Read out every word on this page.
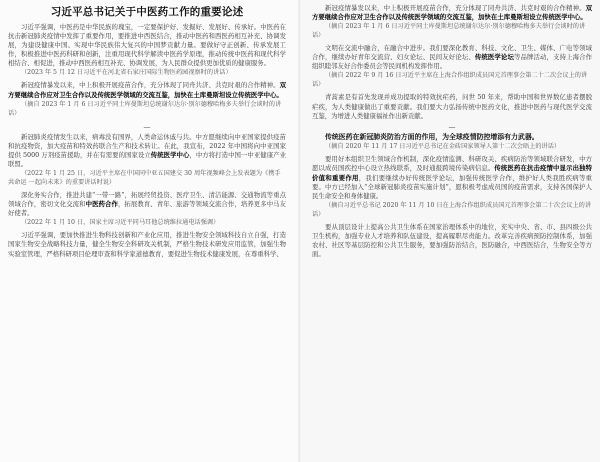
习近平总书记关于中医药工作的重要论述

习近平强调，中医药是中华民族的瑰宝，一定要保护好、发掘好、发展好、传承好。中医药在抗击新冠肺炎疫情中发挥了重要作用，要推进中西医结合，推动中医药和西医药相互补充、协调发展，为建设健康中国、实现中华民族伟大复兴的中国梦贡献力量。要做好守正创新、传承发展工作，积极推进中医药科研和创新，注重用现代科学解读中医药学原理，推动传统中医药和现代科学相结合、相促进，推动中西医药相互补充、协调发展，为人民群众提供更加优质的健康服务。

（2023 年 5 月 12 日习近平在河北省石家庄国际生物医药园视察时的讲话）

新冠疫情暴发以来，中上积极开展疫苗合作，充分体现了同舟共济、共克时艰的合作精神。双方要继续合作应对卫生合作以及传统医学领域的交流互鉴，加快在土库曼斯坦设立传统医学中心。

（摘自 2023 年 1 月 6 日习近平同土库曼斯坦总统谢尔达尔·别尔德穆哈梅多夫举行会谈时的讲话）

—

新冠肺炎疫情发生以来，病毒没有国界，人类命运休戚与共。中方愿继续向中亚国家提供疫苗和抗疫物资，加大疫苗和特效药联合生产和技术转让。在此，我宣布，2022 年中国将向中亚国家提供 5000 万剂疫苗援助，并在有需要的国家设立传统医学中心，中方将打造中国一中亚健康产业联盟。

（2022 年 1 月 25 日，习近平主席在中国同中亚五国建交 30 周年视频峰会上发表题为《携手共命运 一起向未来》的重要讲话时说）

深化务实合作，推进共建“一带一路”，拓展经贸投资、医疗卫生、清洁能源、交通物流等重点领域合作，密切文化交流和中医药合作，拓展教育、青年、旅游等领域交流合作，培养更多中马友好使者。

（2022 年 1 月 10 日，国家主席习近平同马耳他总统维拉通电话强调）

习近平强调，要加快推进生物科技创新和产业化应用，推进生物安全领域科技自立自强，打造国家生物安全战略科技力量，健全生物安全科研攻关机制，严格生物技术研发应用监管，加强生物实验室管理，严格科研项目伦理审查和科学家道德教育，要促进生物技术健康发展，在尊重科学、

新冠疫情暴发以来，中上积极开展疫苗合作，充分体现了同舟共济、共克时艰的合作精神。双方要继续合作应对卫生合作以及传统医学领域的交流互鉴，加快在土库曼斯坦设立传统医学中心。

（摘自 2023 年 1 月 6 日习近平同土库曼斯坦总统谢尔达尔·别尔德穆哈梅多夫举行会谈时的讲话）

文明在交流中融合，在融合中进步。我们要深化教育、科技、文化、卫生、媒体、广电等领域合作，继续办好青年交流营、妇女论坛、民间友好论坛、传统医学论坛等品牌活动，支持上海合作组织睦邻友好合作委员会等民间机构发挥作用。

（摘自 2022 年 9 月 16 日习近平主席在上海合作组织成员国元首理事会第二十二次会议上的讲话）

青蒿素是有首先发现并成功提取的特效抗疟药，问世 50 年来，帮助中国和世界数亿患者摆脱疟疾，为人类健康做出了重要贡献。我们要大力弘扬传统中医药文化，推进中医药与现代医学交流互鉴，为增进人类健康福祉作出新贡献。

—

传统医药在新冠肺炎防治方面的作用，为全球疫情防控增添有力武器。

（摘自 2020 年 11 月 17 日习近平总书记在金砖国家领导人第十二次会晤上的讲话）

要用好本组织卫生领域合作机制，深化疫情监测、科研攻关、疾病防治等领域联合研发，中方愿以成员国疾控中心设立热线联系，及时通报跨境传染病信息。传统医药在抗击疫情中显示出独特价值和重要作用，我们要继续办好传统医学论坛，加强传统医学合作，维护好人类我胜疾病等重要。中方已经加入“全球新冠肺炎疫苗实施计划”，愿积极考虑成员国的疫苗需求，支持各国保护人民生命安全和身体健康。

（摘自习近平总书记 2020 年 11 月 10 日在上海合作组织成员国元首理事会第二十次会议上的讲话）

要从顶层设计上提高公共卫生体系在国家治理体系中的地位，充实中央、省、市、县四级公共卫生机构，加强专业人才培养和队伍建设，提高履职尽责能力。改革完善疾病预防控制体系，加强农村、社区等基层防控和公共卫生服务，要加强防治结合，医防融合，中西医结合，生物安全等方面。
